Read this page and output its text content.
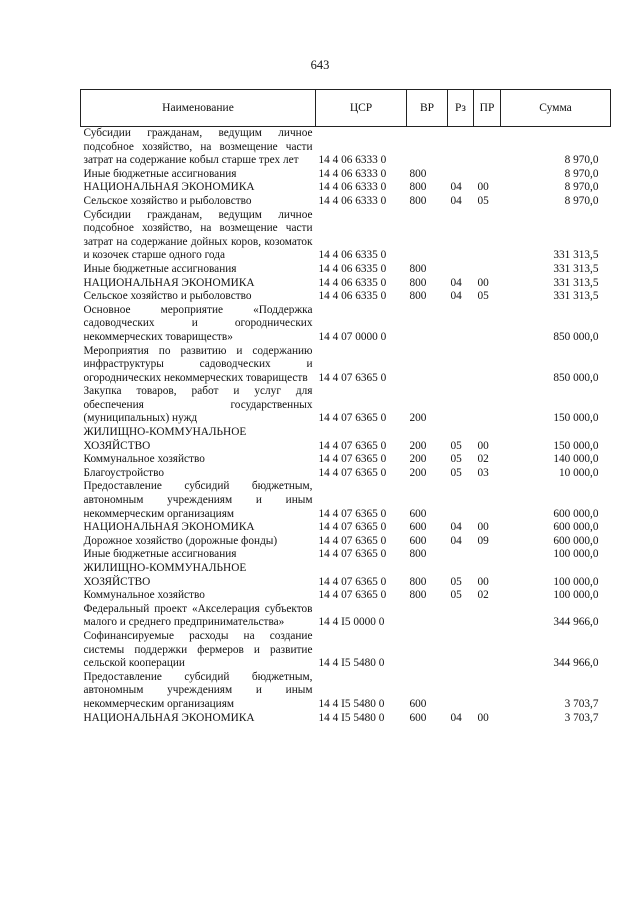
643
Наименование	ЦСР	ВР	Рз	ПР	Сумма
Субсидии гражданам, ведущим личное подсобное хозяйство, на возмещение части затрат на содержание кобыл старше трех лет	14 4 06 6333 0				8 970,0
Иные бюджетные ассигнования	14 4 06 6333 0	800			8 970,0
НАЦИОНАЛЬНАЯ ЭКОНОМИКА	14 4 06 6333 0	800	04	00	8 970,0
Сельское хозяйство и рыболовство	14 4 06 6333 0	800	04	05	8 970,0
Субсидии гражданам, ведущим личное подсобное хозяйство, на возмещение части затрат на содержание дойных коров, козоматок и козочек старше одного года	14 4 06 6335 0				331 313,5
Иные бюджетные ассигнования	14 4 06 6335 0	800			331 313,5
НАЦИОНАЛЬНАЯ ЭКОНОМИКА	14 4 06 6335 0	800	04	00	331 313,5
Сельское хозяйство и рыболовство	14 4 06 6335 0	800	04	05	331 313,5
Основное мероприятие «Поддержка садоводческих и огороднических некоммерческих товариществ»	14 4 07 0000 0				850 000,0
Мероприятия по развитию и содержанию инфраструктуры садоводческих и огороднических некоммерческих товариществ	14 4 07 6365 0				850 000,0
Закупка товаров, работ и услуг для обеспечения государственных (муниципальных) нужд	14 4 07 6365 0	200			150 000,0
ЖИЛИЩНО-КОММУНАЛЬНОЕ ХОЗЯЙСТВО	14 4 07 6365 0	200	05	00	150 000,0
Коммунальное хозяйство	14 4 07 6365 0	200	05	02	140 000,0
Благоустройство	14 4 07 6365 0	200	05	03	10 000,0
Предоставление субсидий бюджетным, автономным учреждениям и иным некоммерческим организациям	14 4 07 6365 0	600			600 000,0
НАЦИОНАЛЬНАЯ ЭКОНОМИКА	14 4 07 6365 0	600	04	00	600 000,0
Дорожное хозяйство (дорожные фонды)	14 4 07 6365 0	600	04	09	600 000,0
Иные бюджетные ассигнования	14 4 07 6365 0	800			100 000,0
ЖИЛИЩНО-КОММУНАЛЬНОЕ ХОЗЯЙСТВО	14 4 07 6365 0	800	05	00	100 000,0
Коммунальное хозяйство	14 4 07 6365 0	800	05	02	100 000,0
Федеральный проект «Акселерация субъектов малого и среднего предпринимательства»	14 4 I5 0000 0				344 966,0
Софинансируемые расходы на создание системы поддержки фермеров и развитие сельской кооперации	14 4 I5 5480 0				344 966,0
Предоставление субсидий бюджетным, автономным учреждениям и иным некоммерческим организациям	14 4 I5 5480 0	600			3 703,7
НАЦИОНАЛЬНАЯ ЭКОНОМИКА	14 4 I5 5480 0	600	04	00	3 703,7
